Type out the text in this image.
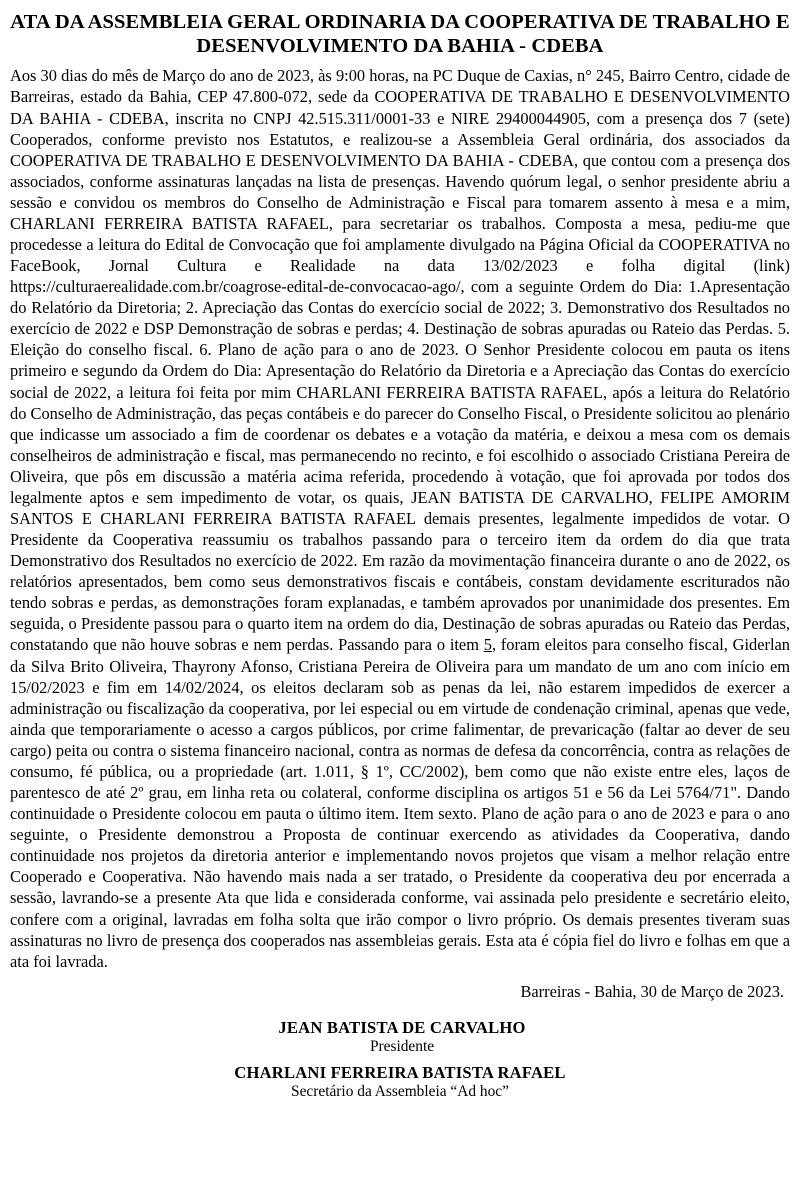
ATA DA ASSEMBLEIA GERAL ORDINARIA DA COOPERATIVA DE TRABALHO E DESENVOLVIMENTO DA BAHIA - CDEBA
Aos 30 dias do mês de Março do ano de 2023, às 9:00 horas, na PC Duque de Caxias, n° 245, Bairro Centro, cidade de Barreiras, estado da Bahia, CEP 47.800-072, sede da COOPERATIVA DE TRABALHO E DESENVOLVIMENTO DA BAHIA - CDEBA, inscrita no CNPJ 42.515.311/0001-33 e NIRE 29400044905, com a presença dos 7 (sete) Cooperados, conforme previsto nos Estatutos, e realizou-se a Assembleia Geral ordinária, dos associados da COOPERATIVA DE TRABALHO E DESENVOLVIMENTO DA BAHIA - CDEBA, que contou com a presença dos associados, conforme assinaturas lançadas na lista de presenças. Havendo quórum legal, o senhor presidente abriu a sessão e convidou os membros do Conselho de Administração e Fiscal para tomarem assento à mesa e a mim, CHARLANI FERREIRA BATISTA RAFAEL, para secretariar os trabalhos. Composta a mesa, pediu-me que procedesse a leitura do Edital de Convocação que foi amplamente divulgado na Página Oficial da COOPERATIVA no FaceBook, Jornal Cultura e Realidade na data 13/02/2023 e folha digital (link) https://culturaerealidade.com.br/coagrose-edital-de-convocacao-ago/, com a seguinte Ordem do Dia: 1.Apresentação do Relatório da Diretoria; 2. Apreciação das Contas do exercício social de 2022; 3. Demonstrativo dos Resultados no exercício de 2022 e DSP Demonstração de sobras e perdas; 4. Destinação de sobras apuradas ou Rateio das Perdas. 5. Eleição do conselho fiscal. 6. Plano de ação para o ano de 2023. O Senhor Presidente colocou em pauta os itens primeiro e segundo da Ordem do Dia: Apresentação do Relatório da Diretoria e a Apreciação das Contas do exercício social de 2022, a leitura foi feita por mim CHARLANI FERREIRA BATISTA RAFAEL, após a leitura do Relatório do Conselho de Administração, das peças contábeis e do parecer do Conselho Fiscal, o Presidente solicitou ao plenário que indicasse um associado a fim de coordenar os debates e a votação da matéria, e deixou a mesa com os demais conselheiros de administração e fiscal, mas permanecendo no recinto, e foi escolhido o associado Cristiana Pereira de Oliveira, que pôs em discussão a matéria acima referida, procedendo à votação, que foi aprovada por todos dos legalmente aptos e sem impedimento de votar, os quais, JEAN BATISTA DE CARVALHO, FELIPE AMORIM SANTOS E CHARLANI FERREIRA BATISTA RAFAEL demais presentes, legalmente impedidos de votar. O Presidente da Cooperativa reassumiu os trabalhos passando para o terceiro item da ordem do dia que trata Demonstrativo dos Resultados no exercício de 2022. Em razão da movimentação financeira durante o ano de 2022, os relatórios apresentados, bem como seus demonstrativos fiscais e contábeis, constam devidamente escriturados não tendo sobras e perdas, as demonstrações foram explanadas, e também aprovados por unanimidade dos presentes. Em seguida, o Presidente passou para o quarto item na ordem do dia, Destinação de sobras apuradas ou Rateio das Perdas, constatando que não houve sobras e nem perdas. Passando para o item 5, foram eleitos para conselho fiscal, Giderlan da Silva Brito Oliveira, Thayrony Afonso, Cristiana Pereira de Oliveira para um mandato de um ano com início em 15/02/2023 e fim em 14/02/2024, os eleitos declaram sob as penas da lei, não estarem impedidos de exercer a administração ou fiscalização da cooperativa, por lei especial ou em virtude de condenação criminal, apenas que vede, ainda que temporariamente o acesso a cargos públicos, por crime falimentar, de prevaricação (faltar ao dever de seu cargo) peita ou contra o sistema financeiro nacional, contra as normas de defesa da concorrência, contra as relações de consumo, fé pública, ou a propriedade (art. 1.011, § 1º, CC/2002), bem como que não existe entre eles, laços de parentesco de até 2º grau, em linha reta ou colateral, conforme disciplina os artigos 51 e 56 da Lei 5764/71". Dando continuidade o Presidente colocou em pauta o último item. Item sexto. Plano de ação para o ano de 2023 e para o ano seguinte, o Presidente demonstrou a Proposta de continuar exercendo as atividades da Cooperativa, dando continuidade nos projetos da diretoria anterior e implementando novos projetos que visam a melhor relação entre Cooperado e Cooperativa. Não havendo mais nada a ser tratado, o Presidente da cooperativa deu por encerrada a sessão, lavrando-se a presente Ata que lida e considerada conforme, vai assinada pelo presidente e secretário eleito, confere com a original, lavradas em folha solta que irão compor o livro próprio. Os demais presentes tiveram suas assinaturas no livro de presença dos cooperados nas assembleias gerais. Esta ata é cópia fiel do livro e folhas em que a ata foi lavrada.
Barreiras - Bahia, 30 de Março de 2023.
JEAN BATISTA DE CARVALHO
Presidente
CHARLANI FERREIRA BATISTA RAFAEL
Secretário da Assembleia “Ad hoc”
